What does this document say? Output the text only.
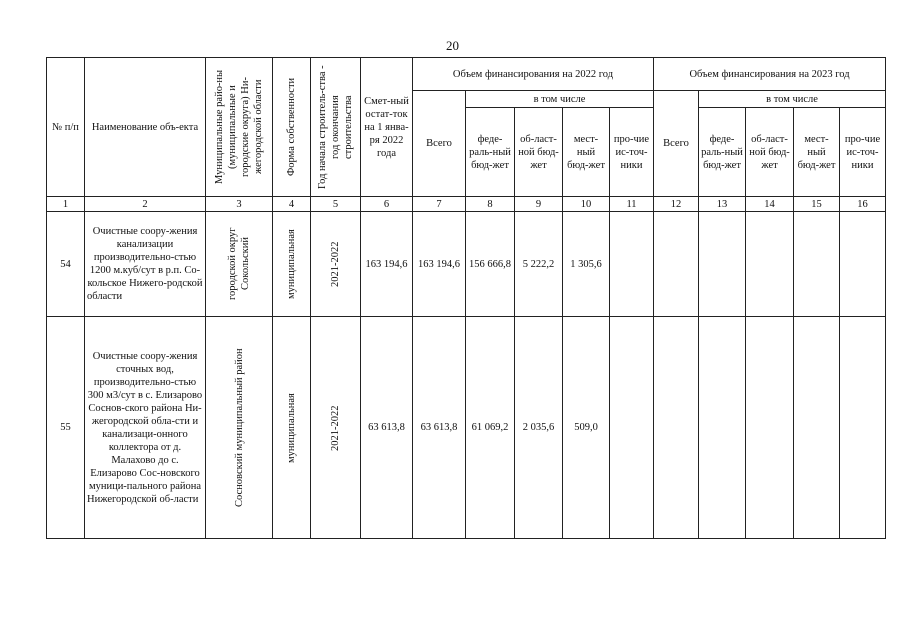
20
№ п/п	Наименование объ-екта	Муниципальные райо-ны (муниципальные и городские округа) Ни-жегородской области	Форма собственности	Год начала строитель-ства - год окончания строительства	Смет-ный остат-ток на 1 янва-ря 2022 года	Объем финансирования на 2022 год					Объем финансирования на 2023 год				
						Всего	в том числе				Всего	в том числе			
							феде-раль-ный бюд-жет	об-ласт-ной бюд-жет	мест-ный бюд-жет	про-чие ис-точ-ники		феде-раль-ный бюд-жет	об-ласт-ной бюд-жет	мест-ный бюд-жет	про-чие ис-точ-ники
1	2	3	4	5	6	7	8	9	10	11	12	13	14	15	16
54	Очистные соору-жения канализации производительно-стью 1200 м.куб/сут в р.п. Со-кольское Нижего-родской области	городской округ Сокольский	муниципальная	2021-2022	163 194,6	163 194,6	156 666,8	5 222,2	1 305,6						
55	Очистные соору-жения сточных вод, производительно-стью 300 м3/сут в с. Елизарово Соснов-ского района Ни-жегородской обла-сти и канализаци-онного коллектора от д. Малахово до с. Елизарово Сос-новского муници-пального района Нижегородской об-ласти	Сосновский муниципальный район	муниципальная	2021-2022	63 613,8	63 613,8	61 069,2	2 035,6	509,0						
